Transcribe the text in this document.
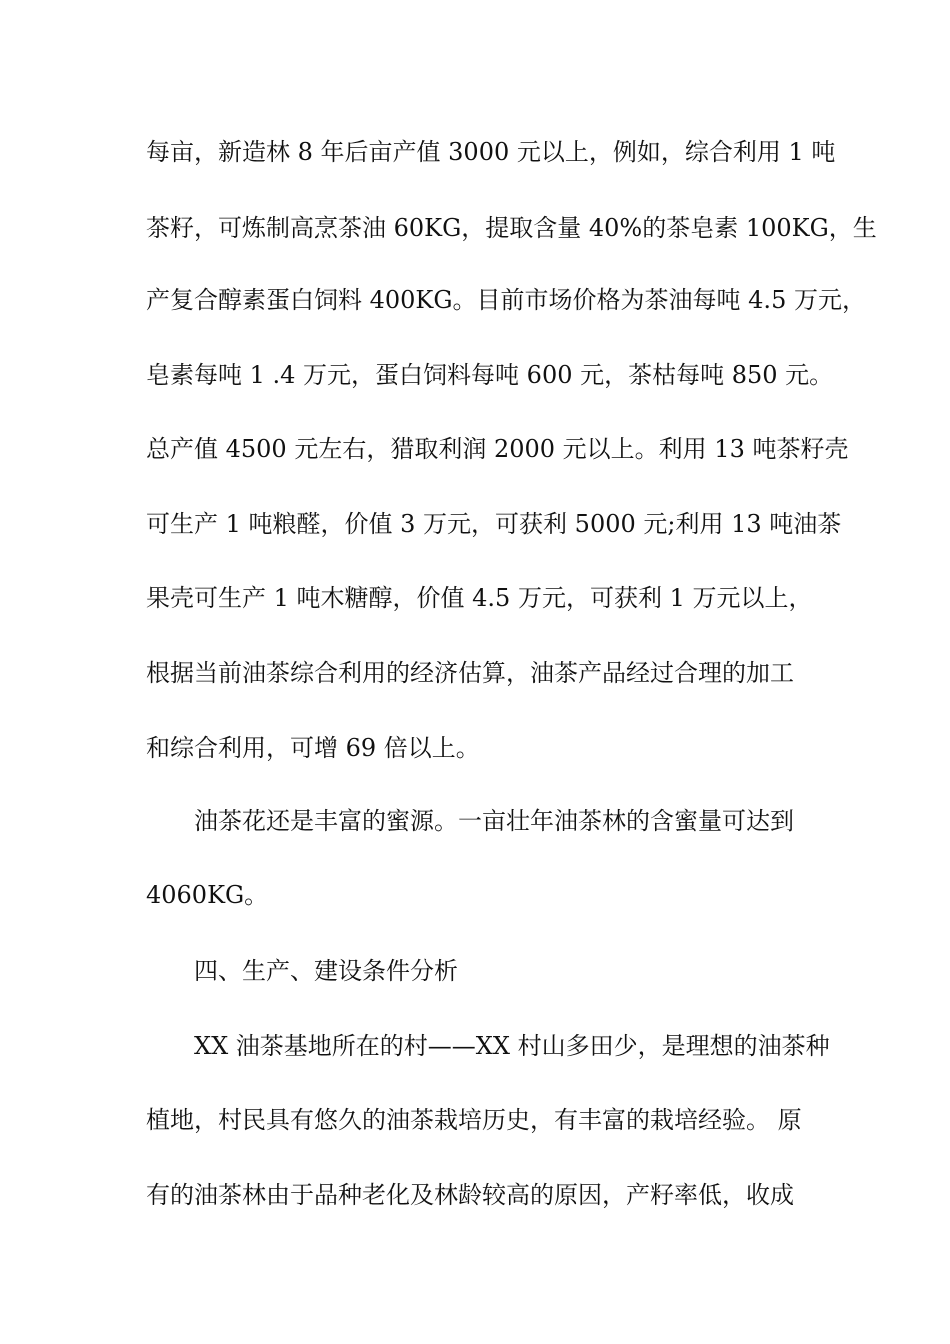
每亩，新造林 8 年后亩产值 3000 元以上，例如，综合利用 1 吨
茶籽，可炼制高烹茶油 60KG，提取含量 40%的茶皂素 100KG，生
产复合醇素蛋白饲料 400KG。目前市场价格为茶油每吨 4.5 万元，
皂素每吨 1 .4 万元，蛋白饲料每吨 600 元，茶枯每吨 850 元。
总产值 4500 元左右，猎取利润 2000 元以上。利用 13 吨茶籽壳
可生产 1 吨粮醛，价值 3 万元，可获利 5000 元;利用 13 吨油茶
果壳可生产 1 吨木糖醇，价值 4.5 万元，可获利 1 万元以上，
根据当前油茶综合利用的经济估算，油茶产品经过合理的加工
和综合利用，可增 69 倍以上。
油茶花还是丰富的蜜源。一亩壮年油茶林的含蜜量可达到
4060KG。
四、生产、建设条件分析
XX 油茶基地所在的村——XX 村山多田少，是理想的油茶种
植地，村民具有悠久的油茶栽培历史，有丰富的栽培经验。 原
有的油茶林由于品种老化及林龄较高的原因，产籽率低，收成
